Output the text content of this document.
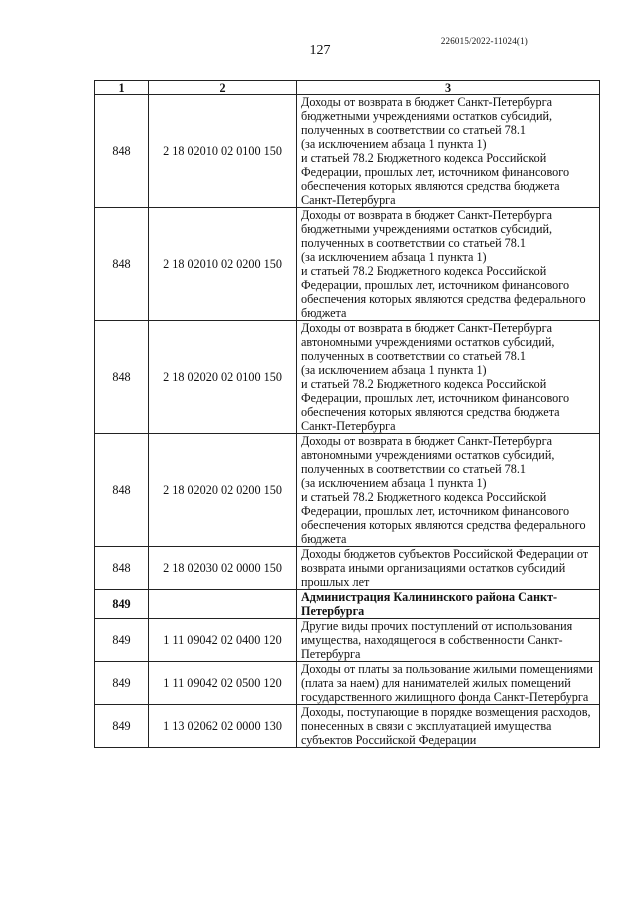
226015/2022-11024(1)
127
1	2	3
848	2 18 02010 02 0100 150	Доходы от возврата в бюджет Санкт-Петербурга бюджетными учреждениями остатков субсидий, полученных в соответствии со статьей 78.1
(за исключением абзаца 1 пункта 1)
и статьей 78.2 Бюджетного кодекса Российской Федерации, прошлых лет, источником финансового обеспечения которых являются средства бюджета Санкт-Петербурга
848	2 18 02010 02 0200 150	Доходы от возврата в бюджет Санкт-Петербурга бюджетными учреждениями остатков субсидий, полученных в соответствии со статьей 78.1
(за исключением абзаца 1 пункта 1)
и статьей 78.2 Бюджетного кодекса Российской Федерации, прошлых лет, источником финансового обеспечения которых являются средства федерального бюджета
848	2 18 02020 02 0100 150	Доходы от возврата в бюджет Санкт-Петербурга автономными учреждениями остатков субсидий, полученных в соответствии со статьей 78.1
(за исключением абзаца 1 пункта 1)
и статьей 78.2 Бюджетного кодекса Российской Федерации, прошлых лет, источником финансового обеспечения которых являются средства бюджета Санкт-Петербурга
848	2 18 02020 02 0200 150	Доходы от возврата в бюджет Санкт-Петербурга автономными учреждениями остатков субсидий, полученных в соответствии со статьей 78.1
(за исключением абзаца 1 пункта 1)
и статьей 78.2 Бюджетного кодекса Российской Федерации, прошлых лет, источником финансового обеспечения которых являются средства федерального бюджета
848	2 18 02030 02 0000 150	Доходы бюджетов субъектов Российской Федерации от возврата иными организациями остатков субсидий прошлых лет
849		Администрация Калининского района Санкт-Петербурга
849	1 11 09042 02 0400 120	Другие виды прочих поступлений от использования имущества, находящегося в собственности Санкт-Петербурга
849	1 11 09042 02 0500 120	Доходы от платы за пользование жилыми помещениями (плата за наем) для нанимателей жилых помещений государственного жилищного фонда Санкт-Петербурга
849	1 13 02062 02 0000 130	Доходы, поступающие в порядке возмещения расходов, понесенных в связи с эксплуатацией имущества субъектов Российской Федерации
